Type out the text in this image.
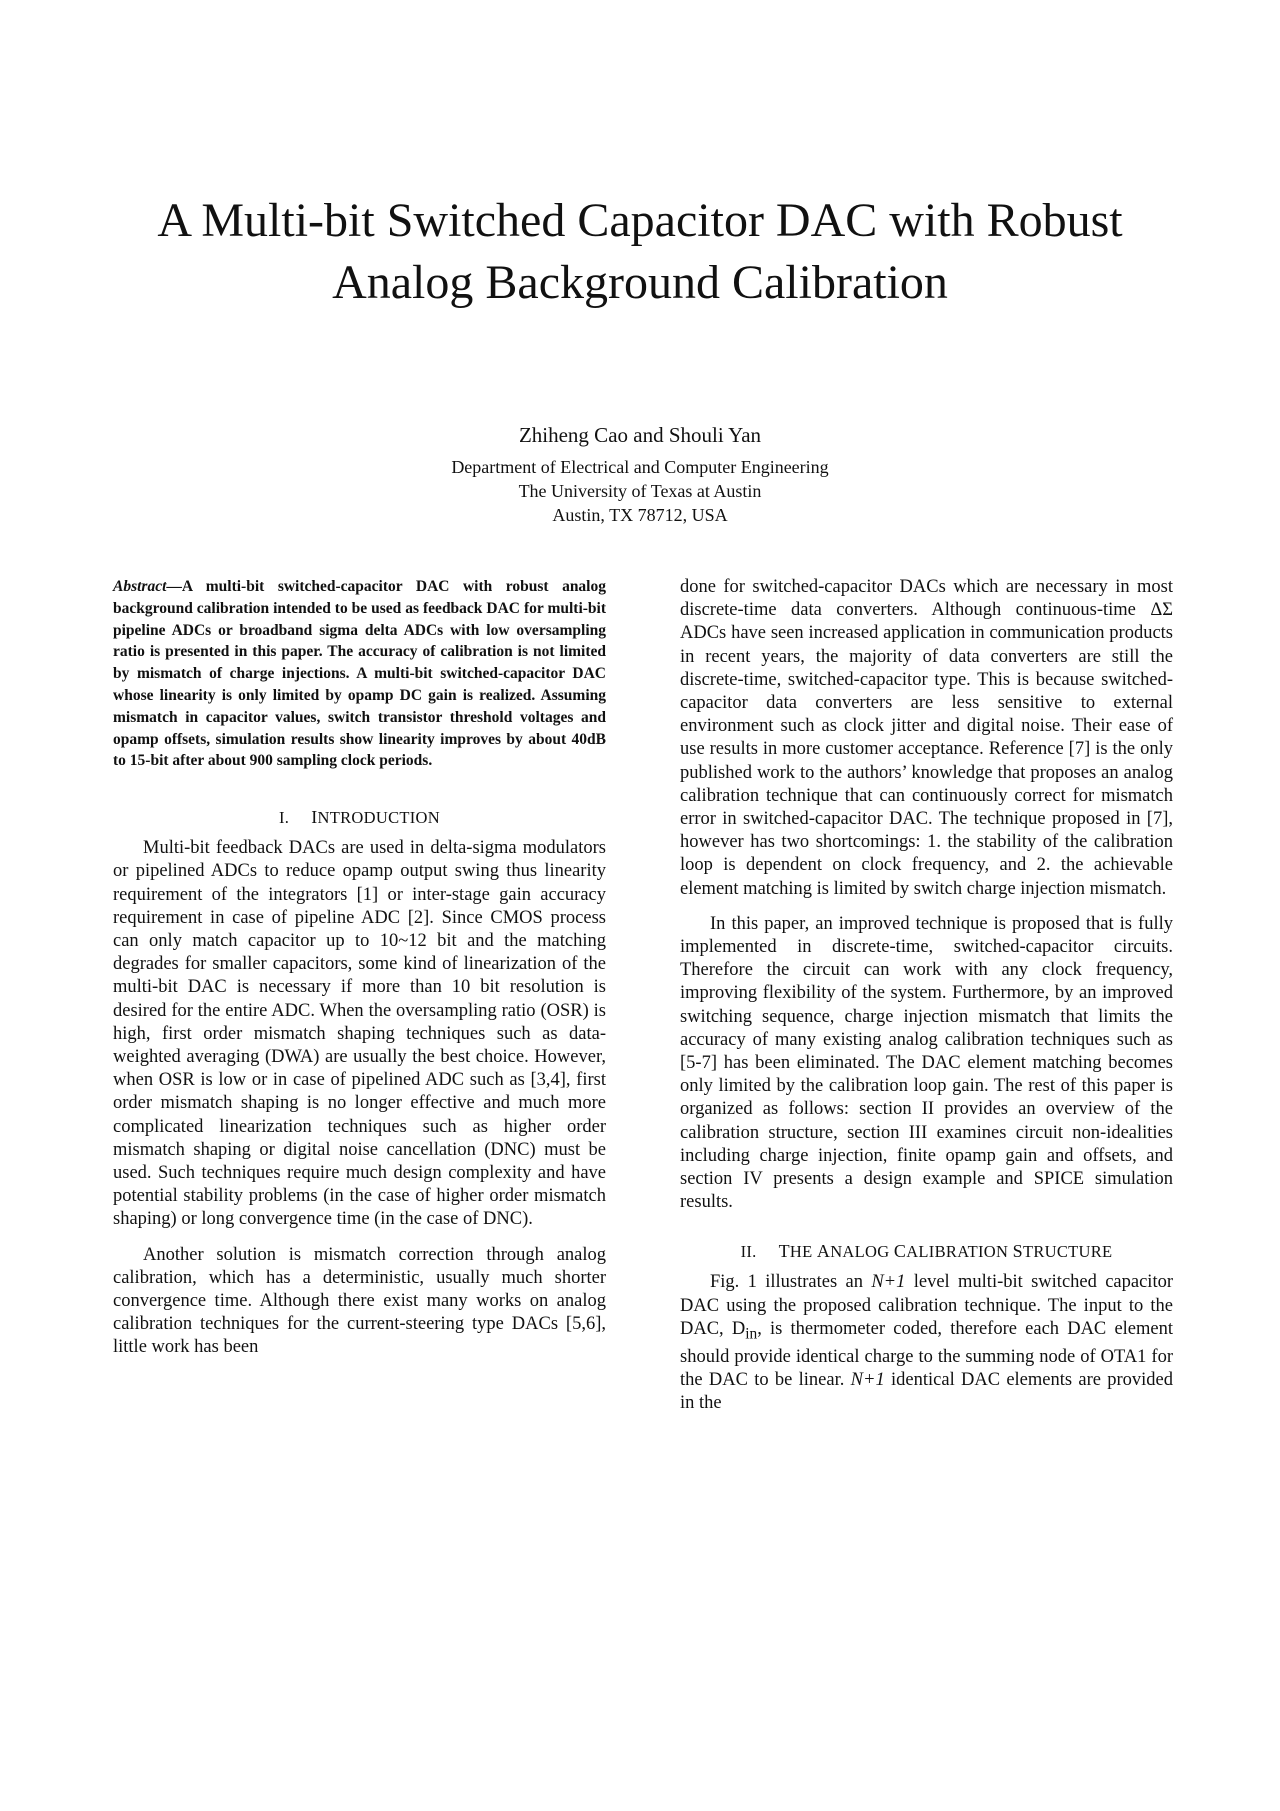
A Multi-bit Switched Capacitor DAC with Robust
Analog Background Calibration
Zhiheng Cao and Shouli Yan
Department of Electrical and Computer Engineering
The University of Texas at Austin
Austin, TX 78712, USA

Abstract—A multi-bit switched-capacitor DAC with robust analog background calibration intended to be used as feedback DAC for multi-bit pipeline ADCs or broadband sigma delta ADCs with low oversampling ratio is presented in this paper. The accuracy of calibration is not limited by mismatch of charge injections. A multi-bit switched-capacitor DAC whose linearity is only limited by opamp DC gain is realized. Assuming mismatch in capacitor values, switch transistor threshold voltages and opamp offsets, simulation results show linearity improves by about 40dB to 15-bit after about 900 sampling clock periods.

I. INTRODUCTION

Multi-bit feedback DACs are used in delta-sigma modulators or pipelined ADCs to reduce opamp output swing thus linearity requirement of the integrators [1] or inter-stage gain accuracy requirement in case of pipeline ADC [2]. Since CMOS process can only match capacitor up to 10~12 bit and the matching degrades for smaller capacitors, some kind of linearization of the multi-bit DAC is necessary if more than 10 bit resolution is desired for the entire ADC. When the oversampling ratio (OSR) is high, first order mismatch shaping techniques such as data-weighted averaging (DWA) are usually the best choice. However, when OSR is low or in case of pipelined ADC such as [3,4], first order mismatch shaping is no longer effective and much more complicated linearization techniques such as higher order mismatch shaping or digital noise cancellation (DNC) must be used. Such techniques require much design complexity and have potential stability problems (in the case of higher order mismatch shaping) or long convergence time (in the case of DNC).

Another solution is mismatch correction through analog calibration, which has a deterministic, usually much shorter convergence time. Although there exist many works on analog calibration techniques for the current-steering type DACs [5,6], little work has been

done for switched-capacitor DACs which are necessary in most discrete-time data converters. Although continuous-time ΔΣ ADCs have seen increased application in communication products in recent years, the majority of data converters are still the discrete-time, switched-capacitor type. This is because switched-capacitor data converters are less sensitive to external environment such as clock jitter and digital noise. Their ease of use results in more customer acceptance. Reference [7] is the only published work to the authors’ knowledge that proposes an analog calibration technique that can continuously correct for mismatch error in switched-capacitor DAC. The technique proposed in [7], however has two shortcomings: 1. the stability of the calibration loop is dependent on clock frequency, and 2. the achievable element matching is limited by switch charge injection mismatch.

In this paper, an improved technique is proposed that is fully implemented in discrete-time, switched-capacitor circuits. Therefore the circuit can work with any clock frequency, improving flexibility of the system. Furthermore, by an improved switching sequence, charge injection mismatch that limits the accuracy of many existing analog calibration techniques such as [5-7] has been eliminated. The DAC element matching becomes only limited by the calibration loop gain. The rest of this paper is organized as follows: section II provides an overview of the calibration structure, section III examines circuit non-idealities including charge injection, finite opamp gain and offsets, and section IV presents a design example and SPICE simulation results.

II. THE ANALOG CALIBRATION STRUCTURE

Fig. 1 illustrates an N+1 level multi-bit switched capacitor DAC using the proposed calibration technique. The input to the DAC, $D_{in}$, is thermometer coded, therefore each DAC element should provide identical charge to the summing node of OTA1 for the DAC to be linear. N+1 identical DAC elements are provided in the
